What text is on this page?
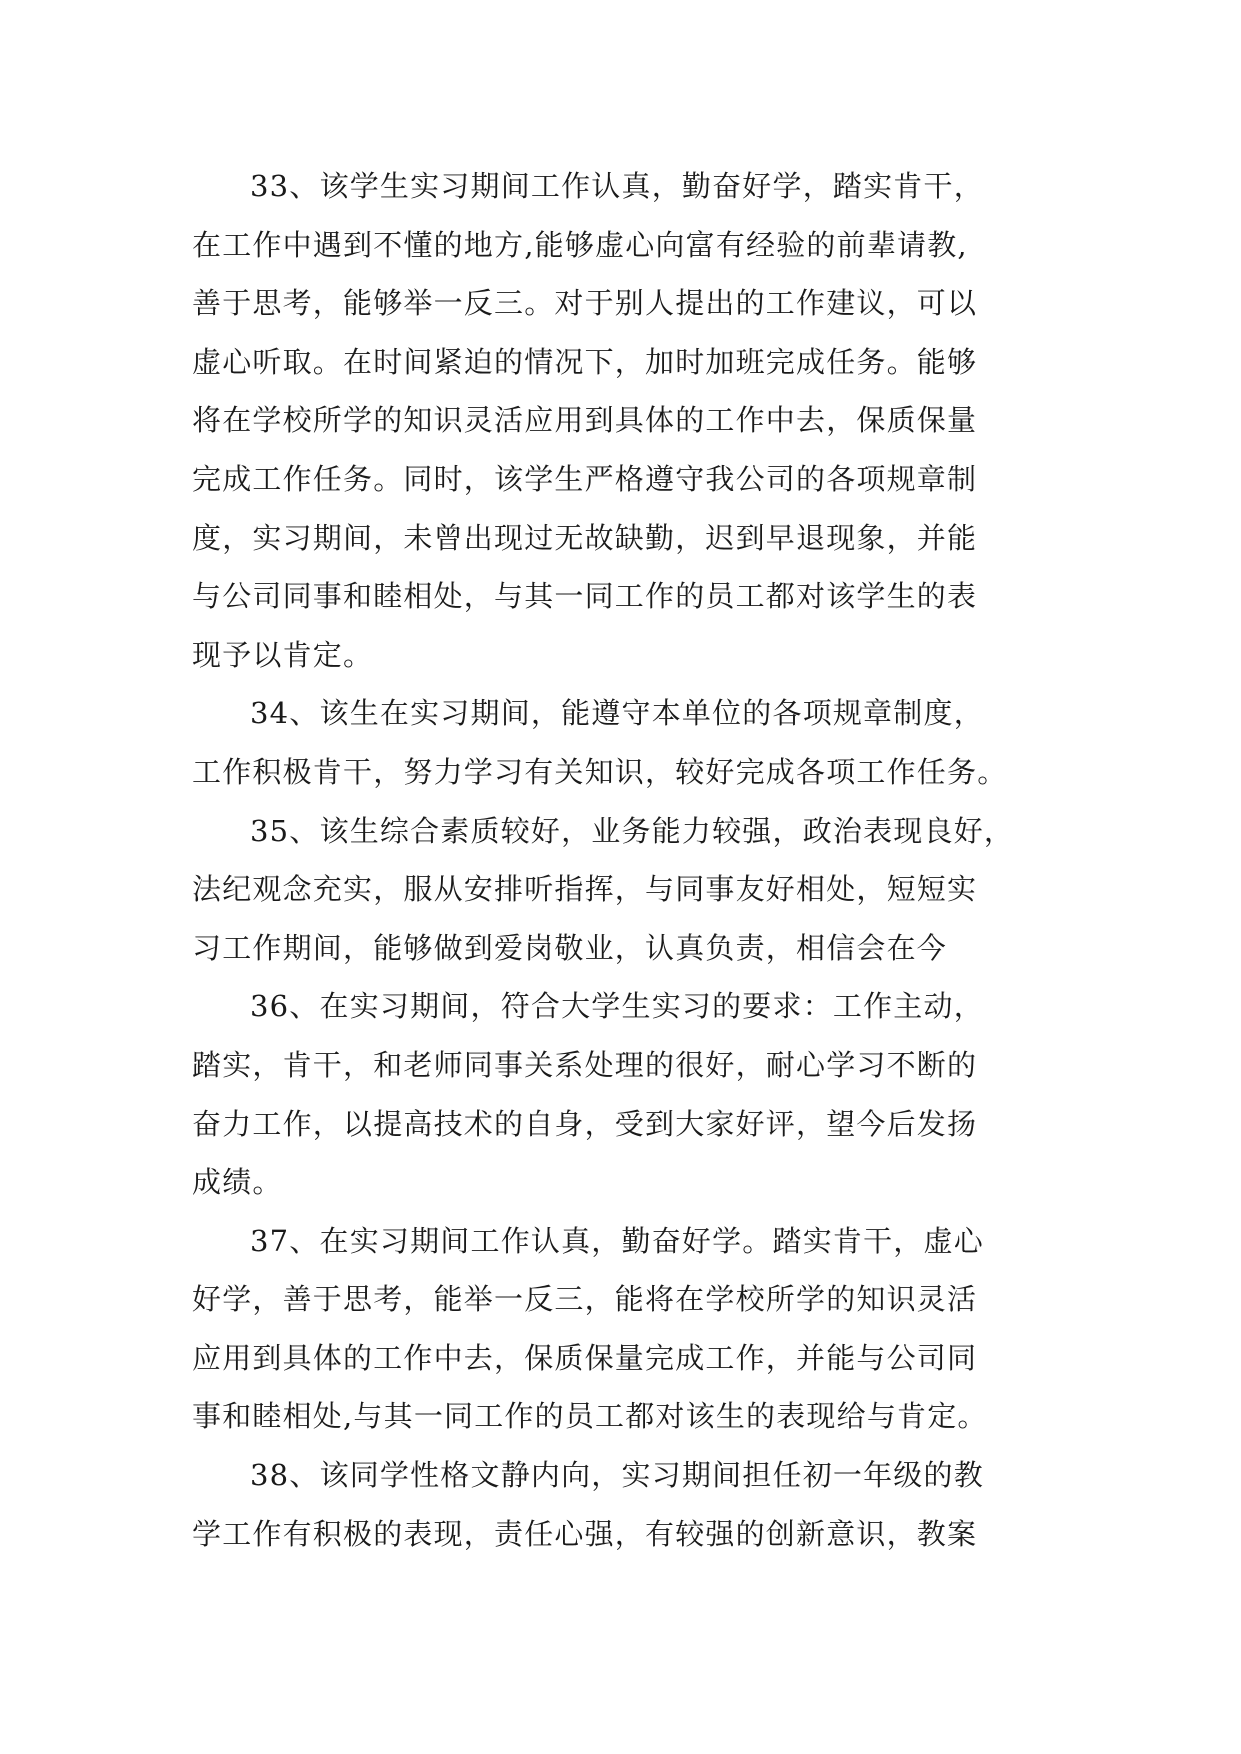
33、该学生实习期间工作认真，勤奋好学，踏实肯干，
在工作中遇到不懂的地方,能够虚心向富有经验的前辈请教,
善于思考，能够举一反三。对于别人提出的工作建议，可以
虚心听取。在时间紧迫的情况下，加时加班完成任务。能够
将在学校所学的知识灵活应用到具体的工作中去，保质保量
完成工作任务。同时，该学生严格遵守我公司的各项规章制
度，实习期间，未曾出现过无故缺勤，迟到早退现象，并能
与公司同事和睦相处，与其一同工作的员工都对该学生的表
现予以肯定。
34、该生在实习期间，能遵守本单位的各项规章制度，
工作积极肯干，努力学习有关知识，较好完成各项工作任务。
35、该生综合素质较好，业务能力较强，政治表现良好，
法纪观念充实，服从安排听指挥，与同事友好相处，短短实
习工作期间，能够做到爱岗敬业，认真负责，相信会在今
36、在实习期间，符合大学生实习的要求：工作主动，
踏实，肯干，和老师同事关系处理的很好，耐心学习不断的
奋力工作，以提高技术的自身，受到大家好评，望今后发扬
成绩。
37、在实习期间工作认真，勤奋好学。踏实肯干，虚心
好学，善于思考，能举一反三，能将在学校所学的知识灵活
应用到具体的工作中去，保质保量完成工作，并能与公司同
事和睦相处,与其一同工作的员工都对该生的表现给与肯定。
38、该同学性格文静内向，实习期间担任初一年级的教
学工作有积极的表现，责任心强，有较强的创新意识，教案
